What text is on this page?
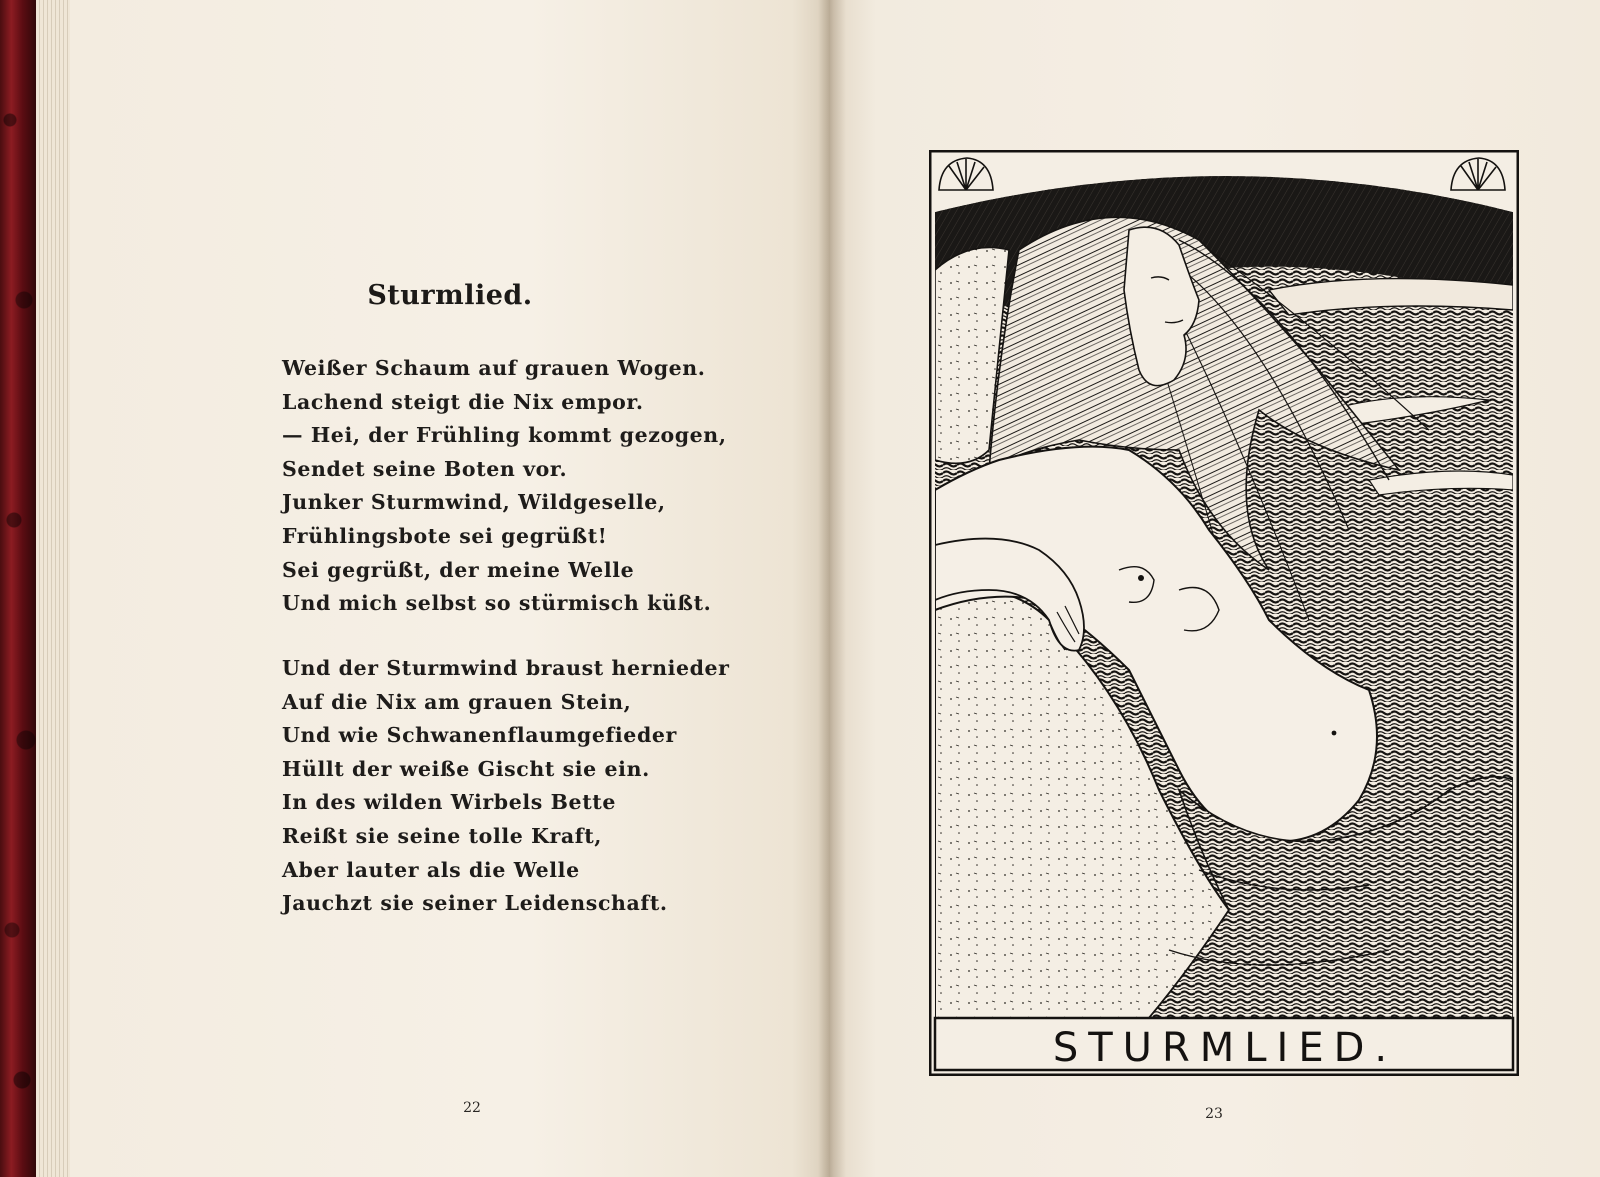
Sturmlied.
Weißer Schaum auf grauen Wogen.
Lachend steigt die Nix empor.
— Hei, der Frühling kommt gezogen,
Sendet seine Boten vor.
Junker Sturmwind, Wildgeselle,
Frühlingsbote sei gegrüßt!
Sei gegrüßt, der meine Welle
Und mich selbst so stürmisch küßt.
Und der Sturmwind braust hernieder
Auf die Nix am grauen Stein,
Und wie Schwanenflaumgefieder
Hüllt der weiße Gischt sie ein.
In des wilden Wirbels Bette
Reißt sie seine tolle Kraft,
Aber lauter als die Welle
Jauchzt sie seiner Leidenschaft.
22
STURMLIED.
23
